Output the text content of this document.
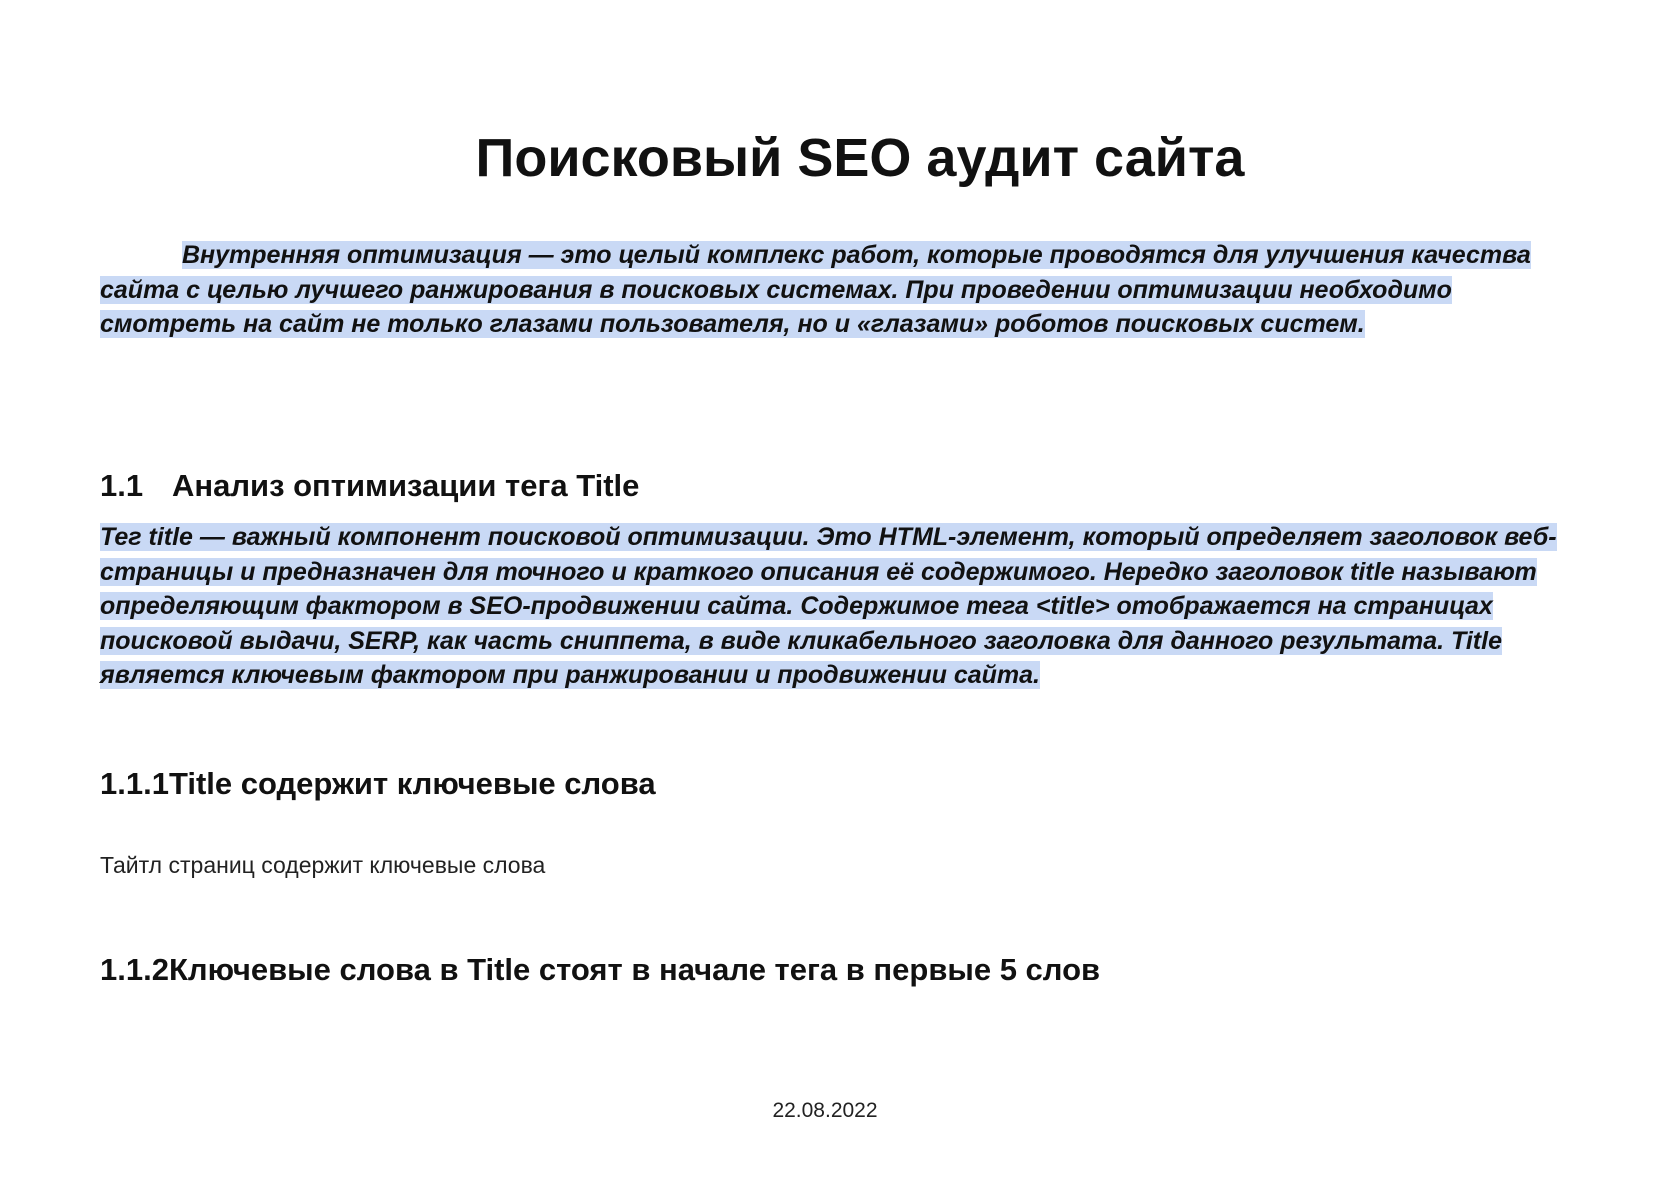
Поисковый SEO аудит сайта

Внутренняя оптимизация — это целый комплекс работ, которые проводятся для улучшения качества сайта с целью лучшего ранжирования в поисковых системах. При проведении оптимизации необходимо смотреть на сайт не только глазами пользователя, но и «глазами» роботов поисковых систем.

1.1 Анализ оптимизации тега Title

Тег title — важный компонент поисковой оптимизации. Это HTML-элемент, который определяет заголовок веб-страницы и предназначен для точного и краткого описания её содержимого. Нередко заголовок title называют определяющим фактором в SEO-продвижении сайта. Содержимое тега <title> отображается на страницах поисковой выдачи, SERP, как часть сниппета, в виде кликабельного заголовка для данного результата. Title является ключевым фактором при ранжировании и продвижении сайта.

1.1.1Title содержит ключевые слова

Тайтл страниц содержит ключевые слова

1.1.2Ключевые слова в Title стоят в начале тега в первые 5 слов
22.08.2022
